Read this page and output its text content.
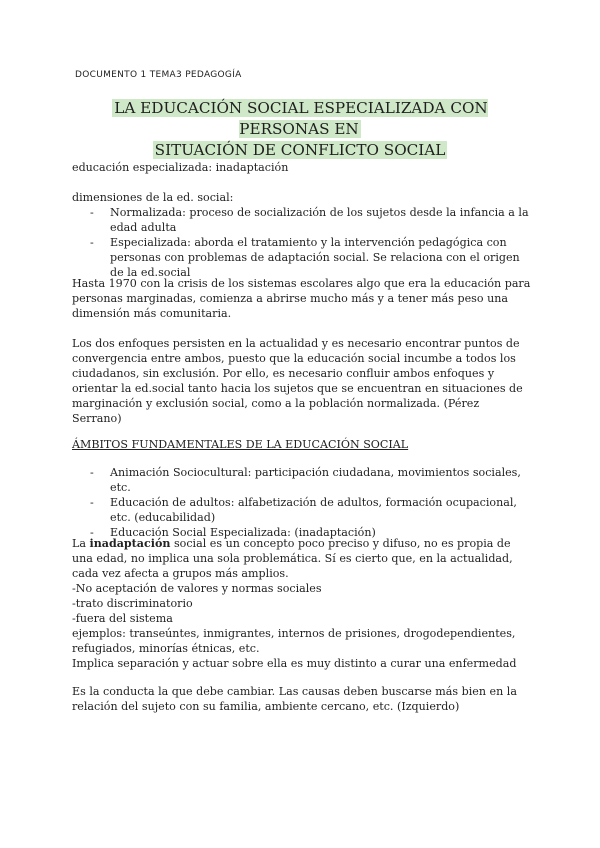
DOCUMENTO 1 TEMA3 PEDAGOGÍA
LA EDUCACIÓN SOCIAL ESPECIALIZADA CON PERSONAS EN
SITUACIÓN DE CONFLICTO SOCIAL
educación especializada: inadaptación
dimensiones de la ed. social:
- Normalizada: proceso de socialización de los sujetos desde la infancia a la edad adulta
- Especializada: aborda el tratamiento y la intervención pedagógica con personas con problemas de adaptación social. Se relaciona con el origen de la ed.social
Hasta 1970 con la crisis de los sistemas escolares algo que era la educación para personas marginadas, comienza a abrirse mucho más y a tener más peso una dimensión más comunitaria.
Los dos enfoques persisten en la actualidad y es necesario encontrar puntos de convergencia entre ambos, puesto que la educación social incumbe a todos los ciudadanos, sin exclusión. Por ello, es necesario confluir ambos enfoques y orientar la ed.social tanto hacia los sujetos que se encuentran en situaciones de marginación y exclusión social, como a la población normalizada. (Pérez Serrano)
ÁMBITOS FUNDAMENTALES DE LA EDUCACIÓN SOCIAL
- Animación Sociocultural: participación ciudadana, movimientos sociales, etc.
- Educación de adultos: alfabetización de adultos, formación ocupacional, etc. (educabilidad)
- Educación Social Especializada: (inadaptación)
La inadaptación social es un concepto poco preciso y difuso, no es propia de una edad, no implica una sola problemática. Sí es cierto que, en la actualidad, cada vez afecta a grupos más amplios.
-No aceptación de valores y normas sociales
-trato discriminatorio
-fuera del sistema
ejemplos: transeúntes, inmigrantes, internos de prisiones, drogodependientes, refugiados, minorías étnicas, etc.
Implica separación y actuar sobre ella es muy distinto a curar una enfermedad
Es la conducta la que debe cambiar. Las causas deben buscarse más bien en la relación del sujeto con su familia, ambiente cercano, etc. (Izquierdo)
